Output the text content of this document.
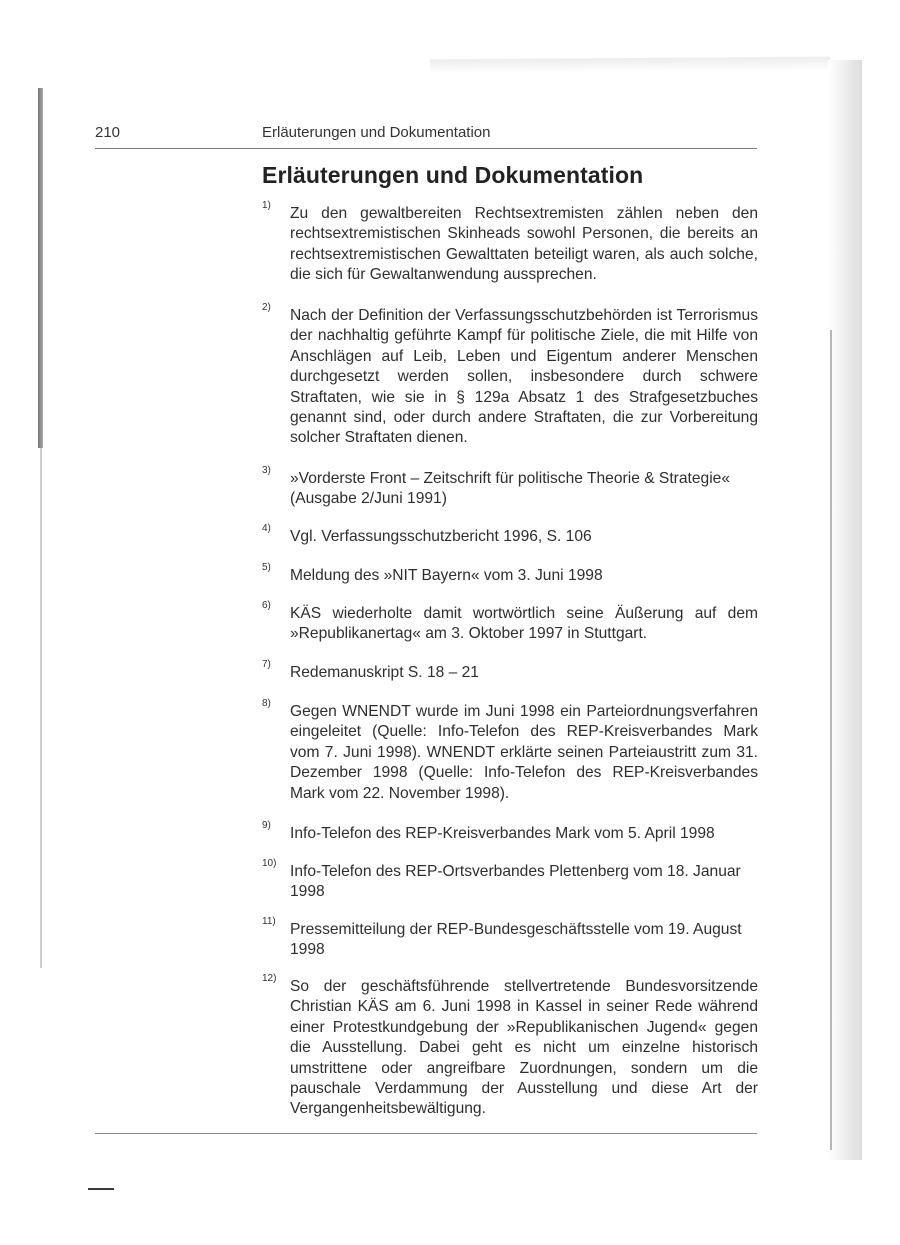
210	Erläuterungen und Dokumentation
Erläuterungen und Dokumentation
1) Zu den gewaltbereiten Rechtsextremisten zählen neben den rechtsextremistischen Skinheads sowohl Personen, die bereits an rechtsextremistischen Gewalttaten beteiligt waren, als auch solche, die sich für Gewaltanwendung aussprechen.

2) Nach der Definition der Verfassungsschutzbehörden ist Terrorismus der nachhaltig geführte Kampf für politische Ziele, die mit Hilfe von Anschlägen auf Leib, Leben und Eigentum anderer Menschen durchgesetzt werden sollen, insbesondere durch schwere Straftaten, wie sie in § 129a Absatz 1 des Strafgesetzbuches genannt sind, oder durch andere Straftaten, die zur Vorbereitung solcher Straftaten dienen.

3) »Vorderste Front – Zeitschrift für politische Theorie & Strategie« (Ausgabe 2/Juni 1991)

4) Vgl. Verfassungsschutzbericht 1996, S. 106

5) Meldung des »NIT Bayern« vom 3. Juni 1998

6) KÄS wiederholte damit wortwörtlich seine Äußerung auf dem »Republikanertag« am 3. Oktober 1997 in Stuttgart.

7) Redemanuskript S. 18 – 21

8) Gegen WNENDT wurde im Juni 1998 ein Parteiordnungsverfahren eingeleitet (Quelle: Info-Telefon des REP-Kreisverbandes Mark vom 7. Juni 1998). WNENDT erklärte seinen Parteiaustritt zum 31. Dezember 1998 (Quelle: Info-Telefon des REP-Kreisverbandes Mark vom 22. November 1998).

9) Info-Telefon des REP-Kreisverbandes Mark vom 5. April 1998

10) Info-Telefon des REP-Ortsverbandes Plettenberg vom 18. Januar 1998

11) Pressemitteilung der REP-Bundesgeschäftsstelle vom 19. August 1998

12) So der geschäftsführende stellvertretende Bundesvorsitzende Christian KÄS am 6. Juni 1998 in Kassel in seiner Rede während einer Protestkundgebung der »Republikanischen Jugend« gegen die Ausstellung. Dabei geht es nicht um einzelne historisch umstrittene oder angreifbare Zuordnungen, sondern um die pauschale Verdammung der Ausstellung und diese Art der Vergangenheitsbewältigung.
